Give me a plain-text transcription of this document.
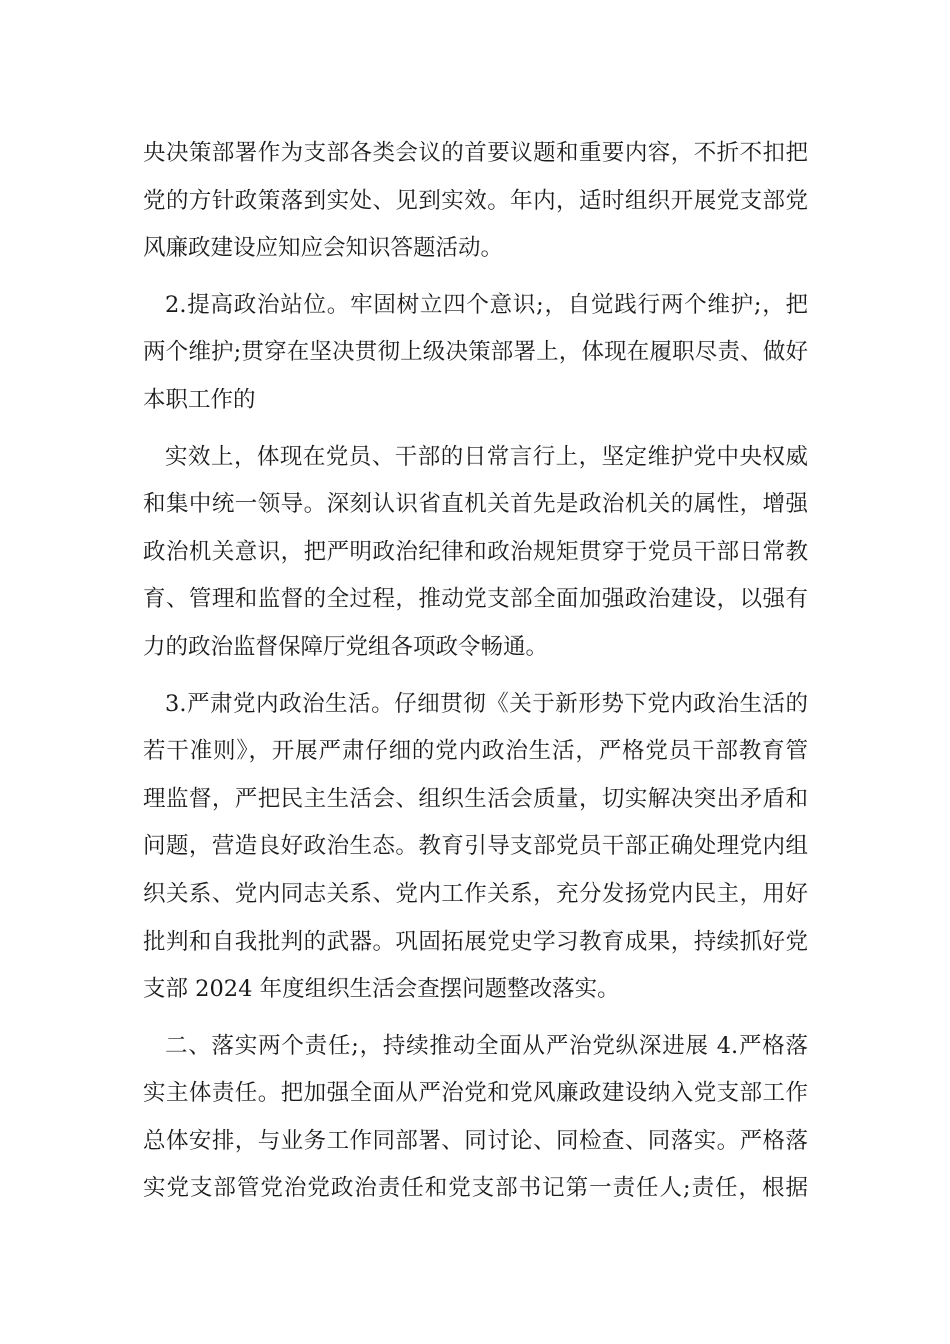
央决策部署作为支部各类会议的首要议题和重要内容，不折不扣把
党的方针政策落到实处、见到实效。年内，适时组织开展党支部党
风廉政建设应知应会知识答题活动。
2.提高政治站位。牢固树立四个意识;，自觉践行两个维护;，把
两个维护;贯穿在坚决贯彻上级决策部署上，体现在履职尽责、做好
本职工作的
实效上，体现在党员、干部的日常言行上，坚定维护党中央权威
和集中统一领导。深刻认识省直机关首先是政治机关的属性，增强
政治机关意识，把严明政治纪律和政治规矩贯穿于党员干部日常教
育、管理和监督的全过程，推动党支部全面加强政治建设，以强有
力的政治监督保障厅党组各项政令畅通。
3.严肃党内政治生活。仔细贯彻《关于新形势下党内政治生活的
若干准则》，开展严肃仔细的党内政治生活，严格党员干部教育管
理监督，严把民主生活会、组织生活会质量，切实解决突出矛盾和
问题，营造良好政治生态。教育引导支部党员干部正确处理党内组
织关系、党内同志关系、党内工作关系，充分发扬党内民主，用好
批判和自我批判的武器。巩固拓展党史学习教育成果，持续抓好党
支部 2024 年度组织生活会查摆问题整改落实。
二、落实两个责任;，持续推动全面从严治党纵深进展 4.严格落
实主体责任。把加强全面从严治党和党风廉政建设纳入党支部工作
总体安排，与业务工作同部署、同讨论、同检查、同落实。严格落
实党支部管党治党政治责任和党支部书记第一责任人;责任，根据
